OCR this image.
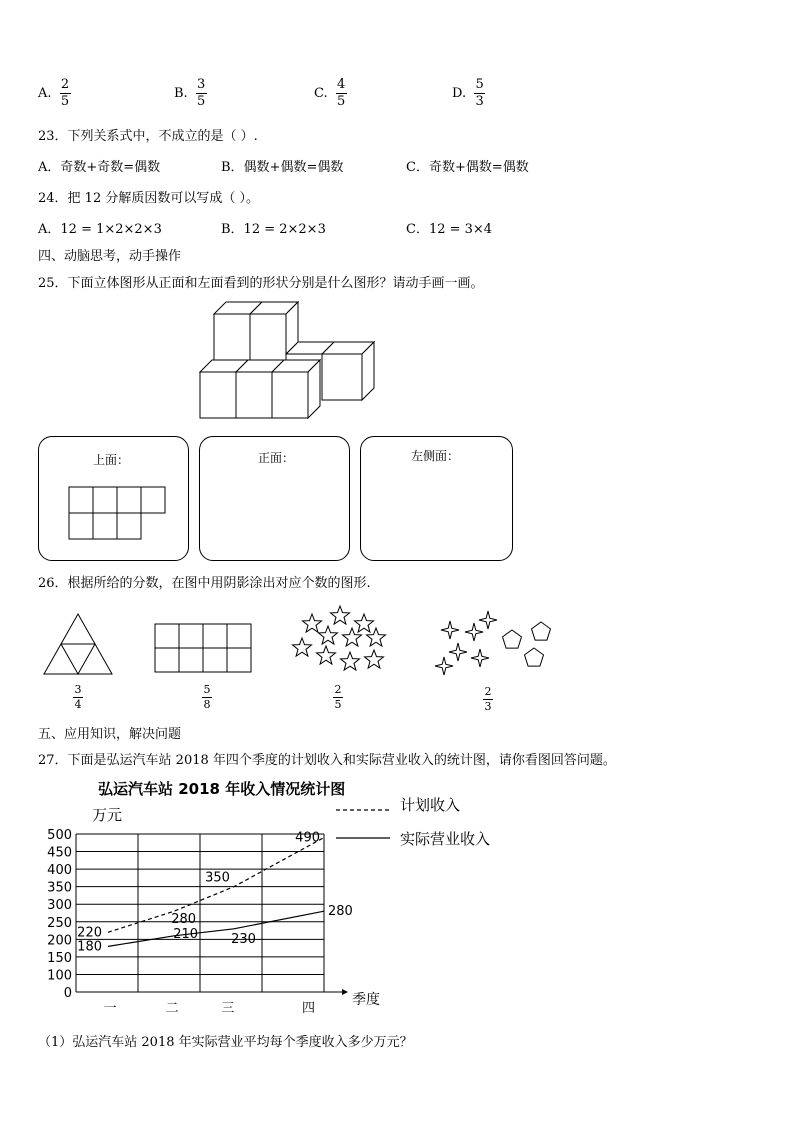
A. $\frac{2}{5}$	B. $\frac{3}{5}$	C. $\frac{4}{5}$	D. $\frac{5}{3}$
23．下列关系式中，不成立的是（ ）.
A．奇数+奇数=偶数	B．偶数+偶数=偶数	C．奇数+偶数=偶数
24．把 12 分解质因数可以写成（ ）。
A．12 = 1×2×2×3	B．12 = 2×2×3	C．12 = 3×4
四、动脑思考，动手操作
25．下面立体图形从正面和左面看到的形状分别是什么图形？请动手画一画。
上面：	正面：	左侧面：
26．根据所给的分数，在图中用阴影涂出对应个数的图形.
3
4
5
8
2
5
2
3
五、应用知识，解决问题
27．下面是弘运汽车站 2018 年四个季度的计划收入和实际营业收入的统计图，请你看图回答问题。
0
100
150
200
250
300
350
400
450
500
季度
万元
弘运汽车站 2018 年收入情况统计图
一	二	三	四
220
280
350
490
180
210	230
280
计划收入
实际营业收入
（1）弘运汽车站 2018 年实际营业平均每个季度收入多少万元？
